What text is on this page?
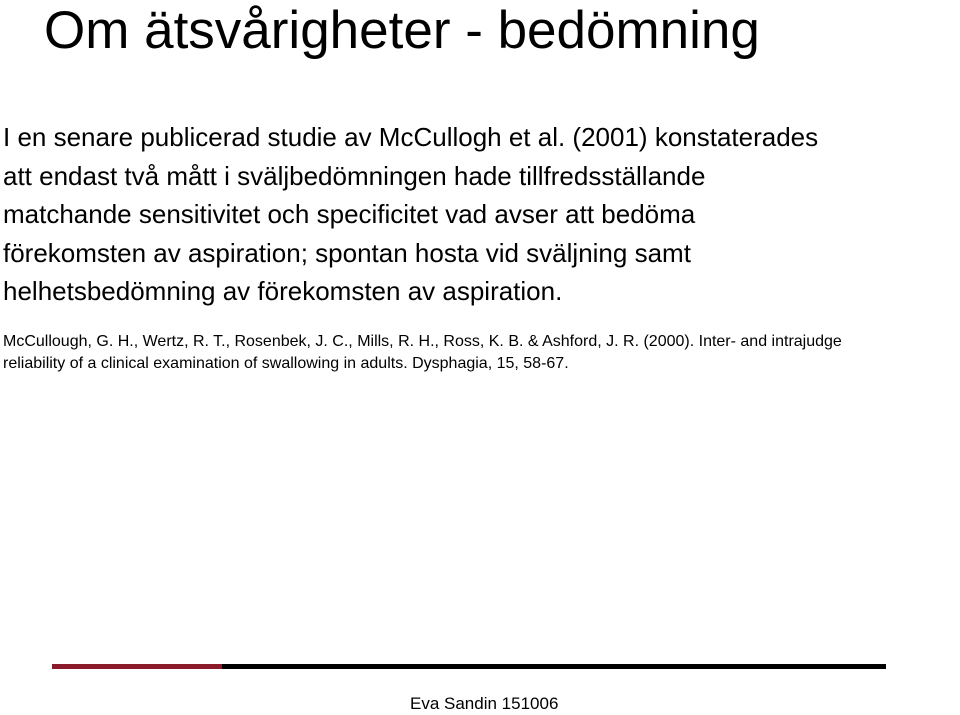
Om ätsvårigheter - bedömning
I en senare publicerad studie av McCullogh et al. (2001) konstaterades
att endast två mått i sväljbedömningen hade tillfredsställande
matchande sensitivitet och specificitet vad avser att bedöma
förekomsten av aspiration; spontan hosta vid sväljning samt
helhetsbedömning av förekomsten av aspiration.
McCullough, G. H., Wertz, R. T., Rosenbek, J. C., Mills, R. H., Ross, K. B. & Ashford, J. R. (2000). Inter- and intrajudge
reliability of a clinical examination of swallowing in adults. Dysphagia, 15, 58-67.
Eva Sandin 151006
